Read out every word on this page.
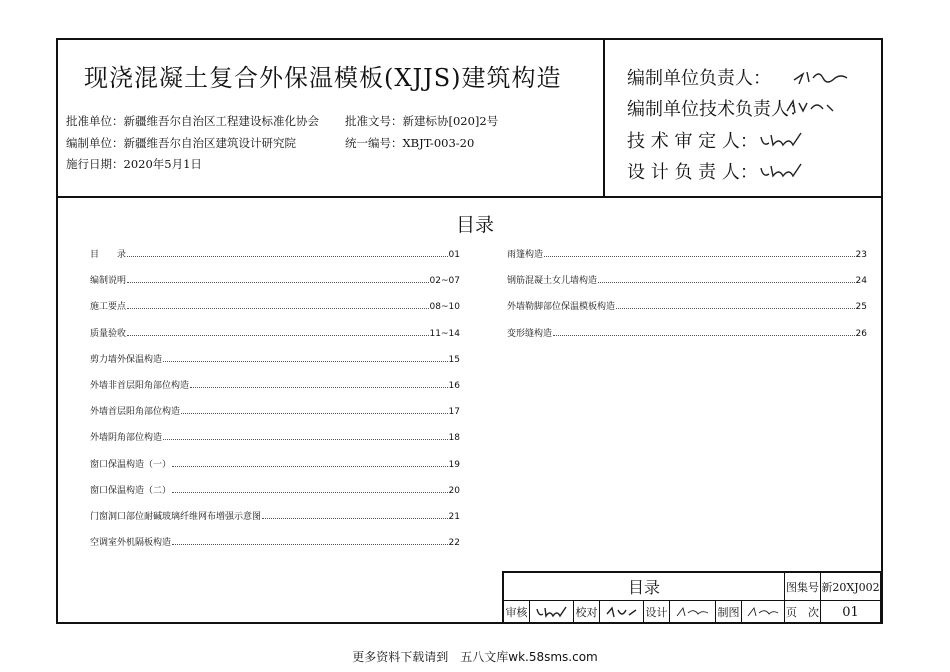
现浇混凝土复合外保温模板(XJJS)建筑构造
批准单位：新疆维吾尔自治区工程建设标准化协会 批准文号：新建标协[020]2号
编制单位：新疆维吾尔自治区建筑设计研究院	统一编号：XBJT-003-20
施行日期：2020年5月1日
编制单位负责人：
编制单位技术负责人：
技 术 审 定 人：
设 计 负 责 人：
目录
目　　录	01
编制说明	02~07
施工要点	08~10
质量验收	11~14
剪力墙外保温构造	15
外墙非首层阳角部位构造	16
外墙首层阳角部位构造	17
外墙阴角部位构造	18
窗口保温构造（一）	19
窗口保温构造（二）	20
门窗洞口部位耐碱玻璃纤维网布增强示意图	21
空调室外机隔板构造	22
雨篷构造	23
钢筋混凝土女儿墙构造	24
外墙勒脚部位保温模板构造	25
变形缝构造	26
目录	图集号 新20XJ002
审核	校对	设计	制图	页　次	01
更多资料下载请到　五八文库wk.58sms.com
